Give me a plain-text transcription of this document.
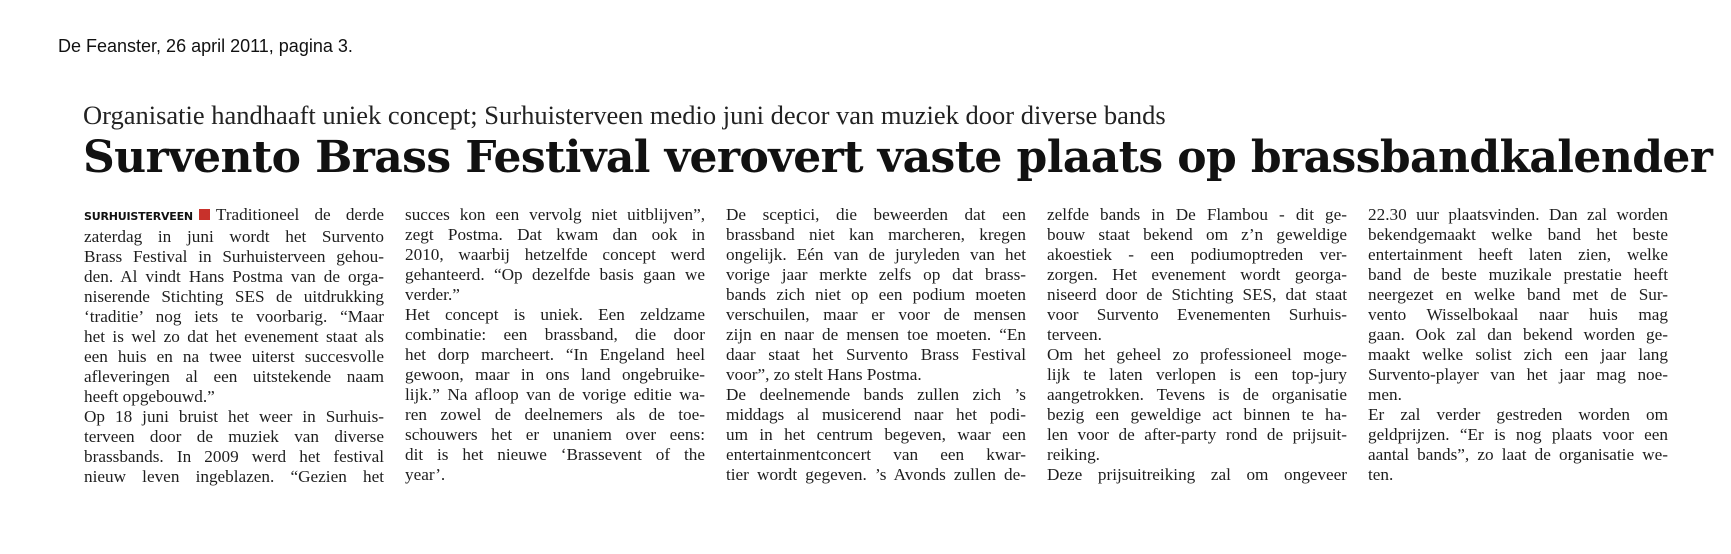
De Feanster, 26 april 2011, pagina 3.
Organisatie handhaaft uniek concept; Surhuisterveen medio juni decor van muziek door diverse bands
Survento Brass Festival verovert vaste plaats op brassbandkalender

SURHUISTERVEEN Traditioneel de derde

zaterdag in juni wordt het Survento

Brass Festival in Surhuisterveen gehou-

den. Al vindt Hans Postma van de orga-

niserende Stichting SES de uitdrukking

‘traditie’ nog iets te voorbarig. “Maar

het is wel zo dat het evenement staat als

een huis en na twee uiterst succesvolle

afleveringen al een uitstekende naam

heeft opgebouwd.”

Op 18 juni bruist het weer in Surhuis-

terveen door de muziek van diverse

brassbands. In 2009 werd het festival

nieuw leven ingeblazen. “Gezien het

succes kon een vervolg niet uitblijven”,

zegt Postma. Dat kwam dan ook in

2010, waarbij hetzelfde concept werd

gehanteerd. “Op dezelfde basis gaan we

verder.”

Het concept is uniek. Een zeldzame

combinatie: een brassband, die door

het dorp marcheert. “In Engeland heel

gewoon, maar in ons land ongebruike-

lijk.” Na afloop van de vorige editie wa-

ren zowel de deelnemers als de toe-

schouwers het er unaniem over eens:

dit is het nieuwe ‘Brassevent of the

year’.

De sceptici, die beweerden dat een

brassband niet kan marcheren, kregen

ongelijk. Eén van de juryleden van het

vorige jaar merkte zelfs op dat brass-

bands zich niet op een podium moeten

verschuilen, maar er voor de mensen

zijn en naar de mensen toe moeten. “En

daar staat het Survento Brass Festival

voor”, zo stelt Hans Postma.

De deelnemende bands zullen zich ’s

middags al musicerend naar het podi-

um in het centrum begeven, waar een

entertainmentconcert van een kwar-

tier wordt gegeven. ’s Avonds zullen de-

zelfde bands in De Flambou - dit ge-

bouw staat bekend om z’n geweldige

akoestiek - een podiumoptreden ver-

zorgen. Het evenement wordt georga-

niseerd door de Stichting SES, dat staat

voor Survento Evenementen Surhuis-

terveen.

Om het geheel zo professioneel moge-

lijk te laten verlopen is een top-jury

aangetrokken. Tevens is de organisatie

bezig een geweldige act binnen te ha-

len voor de after-party rond de prijsuit-

reiking.

Deze prijsuitreiking zal om ongeveer

22.30 uur plaatsvinden. Dan zal worden

bekendgemaakt welke band het beste

entertainment heeft laten zien, welke

band de beste muzikale prestatie heeft

neergezet en welke band met de Sur-

vento Wisselbokaal naar huis mag

gaan. Ook zal dan bekend worden ge-

maakt welke solist zich een jaar lang

Survento-player van het jaar mag noe-

men.

Er zal verder gestreden worden om

geldprijzen. “Er is nog plaats voor een

aantal bands”, zo laat de organisatie we-

ten.
